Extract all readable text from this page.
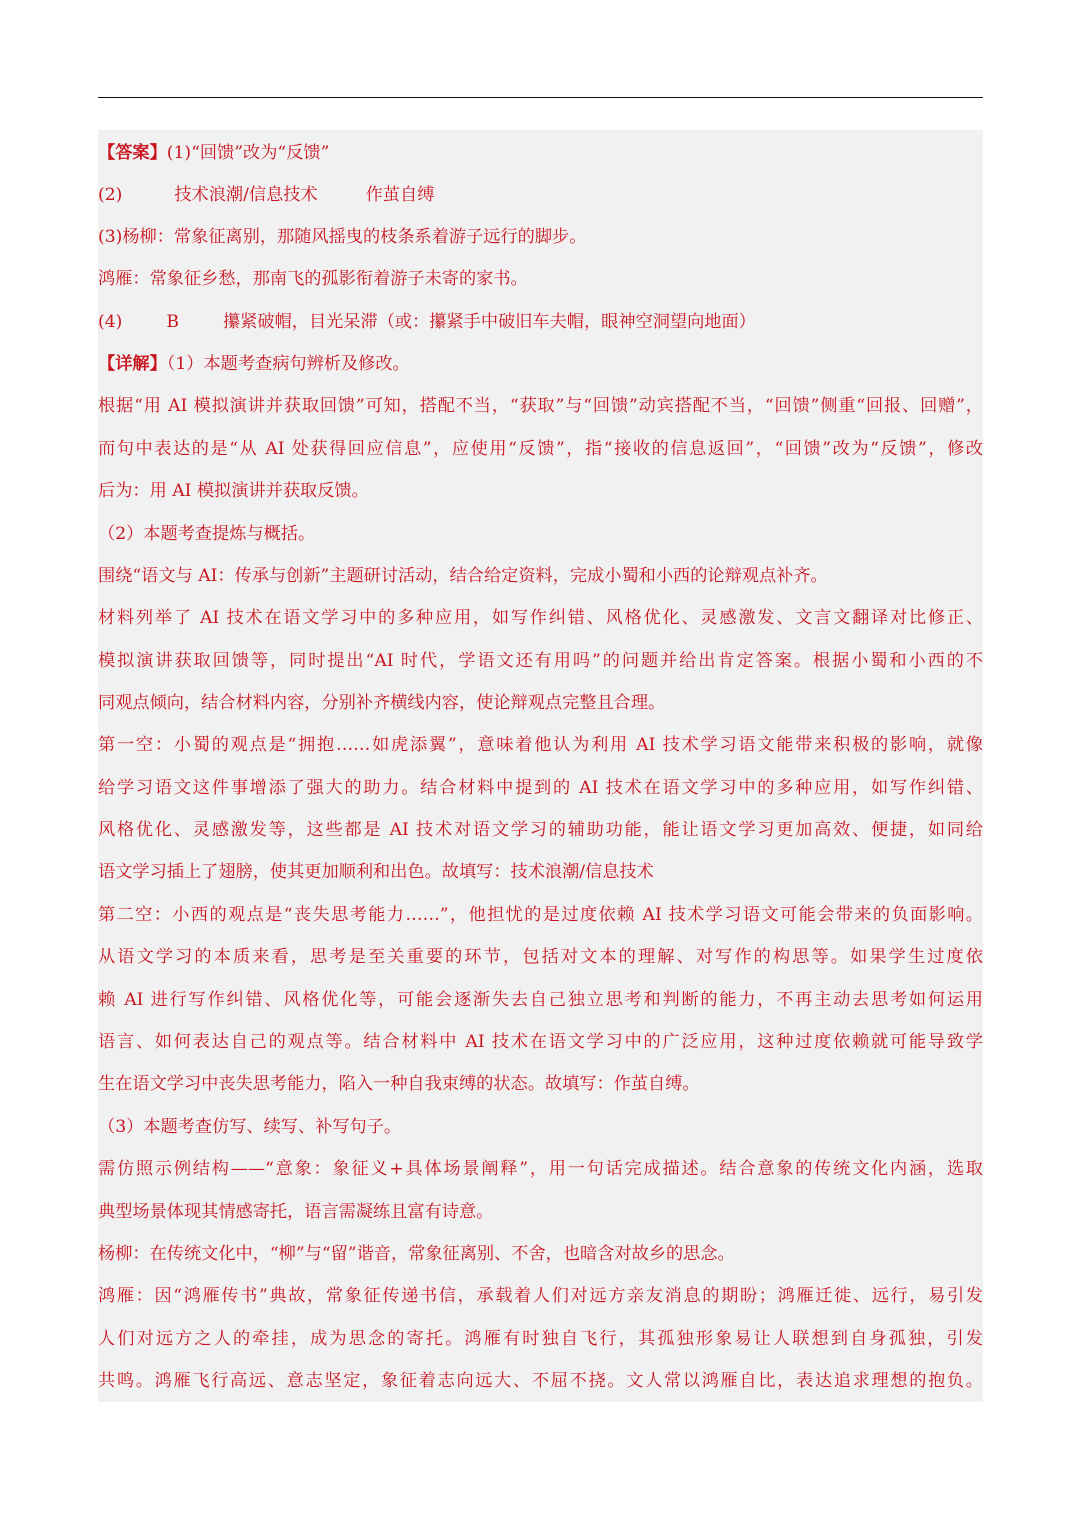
【答案】(1)“回馈”改为“反馈”
(2)	技术浪潮/信息技术	作茧自缚
(3)杨柳：常象征离别，那随风摇曳的枝条系着游子远行的脚步。
鸿雁：常象征乡愁，那南飞的孤影衔着游子未寄的家书。
(4)	B	攥紧破帽，目光呆滞（或：攥紧手中破旧车夫帽，眼神空洞望向地面）
【详解】（1）本题考查病句辨析及修改。
根据“用 AI 模拟演讲并获取回馈”可知，搭配不当，“获取”与“回馈”动宾搭配不当，“回馈”侧重“回报、回赠”，
而句中表达的是“从 AI 处获得回应信息”，应使用“反馈”，指“接收的信息返回”，“回馈”改为“反馈”，修改
后为：用 AI 模拟演讲并获取反馈。
（2）本题考查提炼与概括。
围绕“语文与 AI：传承与创新”主题研讨活动，结合给定资料，完成小蜀和小西的论辩观点补齐。
材料列举了 AI 技术在语文学习中的多种应用，如写作纠错、风格优化、灵感激发、文言文翻译对比修正、
模拟演讲获取回馈等，同时提出“AI 时代，学语文还有用吗”的问题并给出肯定答案。根据小蜀和小西的不
同观点倾向，结合材料内容，分别补齐横线内容，使论辩观点完整且合理。
第一空：小蜀的观点是“拥抱……如虎添翼”，意味着他认为利用 AI 技术学习语文能带来积极的影响，就像
给学习语文这件事增添了强大的助力。结合材料中提到的 AI 技术在语文学习中的多种应用，如写作纠错、
风格优化、灵感激发等，这些都是 AI 技术对语文学习的辅助功能，能让语文学习更加高效、便捷，如同给
语文学习插上了翅膀，使其更加顺利和出色。故填写：技术浪潮/信息技术
第二空：小西的观点是“丧失思考能力……”，他担忧的是过度依赖 AI 技术学习语文可能会带来的负面影响。
从语文学习的本质来看，思考是至关重要的环节，包括对文本的理解、对写作的构思等。如果学生过度依
赖 AI 进行写作纠错、风格优化等，可能会逐渐失去自己独立思考和判断的能力，不再主动去思考如何运用
语言、如何表达自己的观点等。结合材料中 AI 技术在语文学习中的广泛应用，这种过度依赖就可能导致学
生在语文学习中丧失思考能力，陷入一种自我束缚的状态。故填写：作茧自缚。
（3）本题考查仿写、续写、补写句子。
需仿照示例结构——“意象：象征义+具体场景阐释”，用一句话完成描述。结合意象的传统文化内涵，选取
典型场景体现其情感寄托，语言需凝练且富有诗意。
杨柳：在传统文化中，“柳”与“留”谐音，常象征离别、不舍，也暗含对故乡的思念。
鸿雁：因“鸿雁传书”典故，常象征传递书信，承载着人们对远方亲友消息的期盼；鸿雁迁徙、远行，易引发
人们对远方之人的牵挂，成为思念的寄托。鸿雁有时独自飞行，其孤独形象易让人联想到自身孤独，引发
共鸣。鸿雁飞行高远、意志坚定，象征着志向远大、不屈不挠。文人常以鸿雁自比，表达追求理想的抱负。
